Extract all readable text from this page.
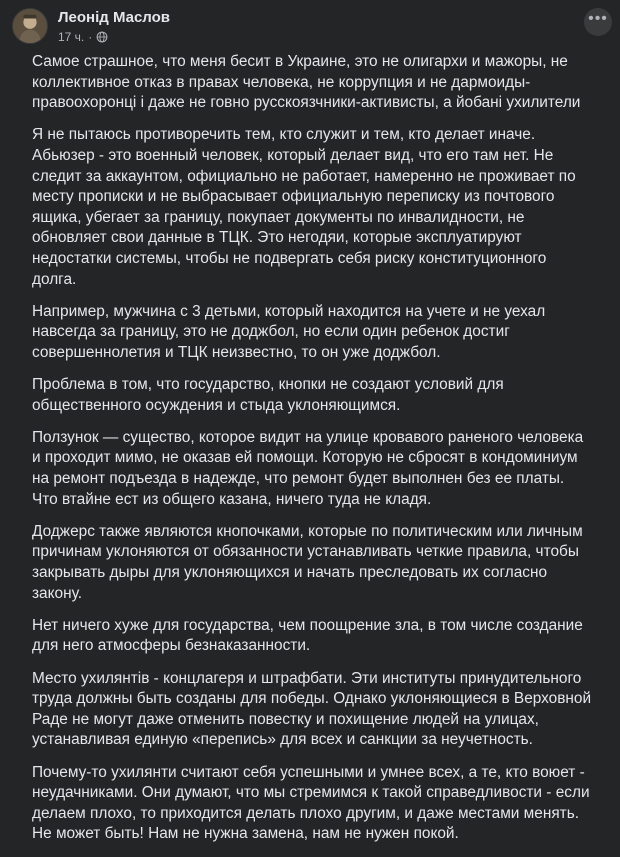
Леонід Маслов
17 ч. ·
•••

Самое страшное, что меня бесит в Украине, это не олигархи и мажоры, не коллективное отказ в правах человека, не коррупция и не дармоиды-правоохоронці і даже не говно русскоязчники-активисты, а йобані ухилители

Я не пытаюсь противоречить тем, кто служит и тем, кто делает иначе.
Абьюзер - это военный человек, который делает вид, что его там нет. Не следит за аккаунтом, официально не работает, намеренно не проживает по месту прописки и не выбрасывает официальную переписку из почтового ящика, убегает за границу, покупает документы по инвалидности, не обновляет свои данные в ТЦК. Это негодяи, которые эксплуатируют недостатки системы, чтобы не подвергать себя риску конституционного долга.

Например, мужчина с 3 детьми, который находится на учете и не уехал навсегда за границу, это не доджбол, но если один ребенок достиг совершеннолетия и ТЦК неизвестно, то он уже доджбол.

Проблема в том, что государство, кнопки не создают условий для общественного осуждения и стыда уклоняющимся.

Ползунок — существо, которое видит на улице кровавого раненого человека и проходит мимо, не оказав ей помощи. Которую не сбросят в кондоминиум на ремонт подъезда в надежде, что ремонт будет выполнен без ее платы. Что втайне ест из общего казана, ничего туда не кладя.

Доджерс также являются кнопочками, которые по политическим или личным причинам уклоняются от обязанности устанавливать четкие правила, чтобы закрывать дыры для уклоняющихся и начать преследовать их согласно закону.

Нет ничего хуже для государства, чем поощрение зла, в том числе создание для него атмосферы безнаказанности.

Место ухилянтів - концлагеря и штрафбати. Эти институты принудительного труда должны быть созданы для победы. Однако уклоняющиеся в Верховной Раде не могут даже отменить повестку и похищение людей на улицах, устанавливая единую «перепись» для всех и санкции за неучетность.

Почему-то ухилянти считают себя успешными и умнее всех, а те, кто воюет - неудачниками. Они думают, что мы стремимся к такой справедливости - если делаем плохо, то приходится делать плохо другим, и даже местами менять. Не может быть! Нам не нужна замена, нам не нужен покой.
